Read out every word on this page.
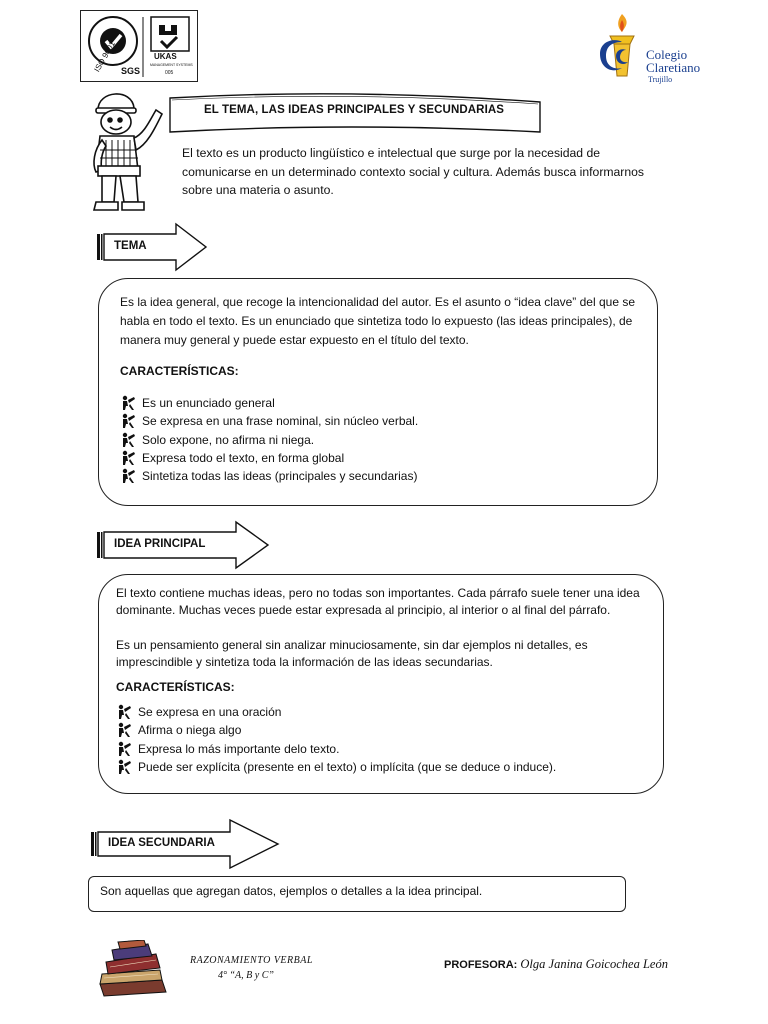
ISO 9001 SGS
UKAS
MANAGEMENT SYSTEMS
005
Colegio
Claretiano
Trujillo
EL TEMA, LAS IDEAS PRINCIPALES Y SECUNDARIAS
El texto es un producto lingüístico e intelectual que surge por la necesidad de comunicarse en un determinado contexto social y cultura. Además busca informarnos sobre una materia o asunto.
TEMA
Es la idea general, que recoge la intencionalidad del autor. Es el asunto o “idea clave” del que se habla en todo el texto. Es un enunciado que sintetiza todo lo expuesto (las ideas principales), de manera muy general y puede estar expuesto en el título del texto.
CARACTERÍSTICAS:
Es un enunciado general
Se expresa en una frase nominal, sin núcleo verbal.
Solo expone, no afirma ni niega.
Expresa todo el texto, en forma global
Sintetiza todas las ideas (principales y secundarias)
IDEA PRINCIPAL
El texto contiene muchas ideas, pero no todas son importantes. Cada párrafo suele tener una idea dominante. Muchas veces puede estar expresada al principio, al interior o al final del párrafo.
Es un pensamiento general sin analizar minuciosamente, sin dar ejemplos ni detalles, es imprescindible y sintetiza toda la información de las ideas secundarias.
CARACTERÍSTICAS:
Se expresa en una oración
Afirma o niega algo
Expresa lo más importante delo texto.
Puede ser explícita (presente en el texto) o implícita (que se deduce o induce).
IDEA SECUNDARIA
Son aquellas que agregan datos, ejemplos o detalles a la idea principal.
RAZONAMIENTO VERBAL
4° “A, B y C”
PROFESORA: Olga Janina Goicochea León
